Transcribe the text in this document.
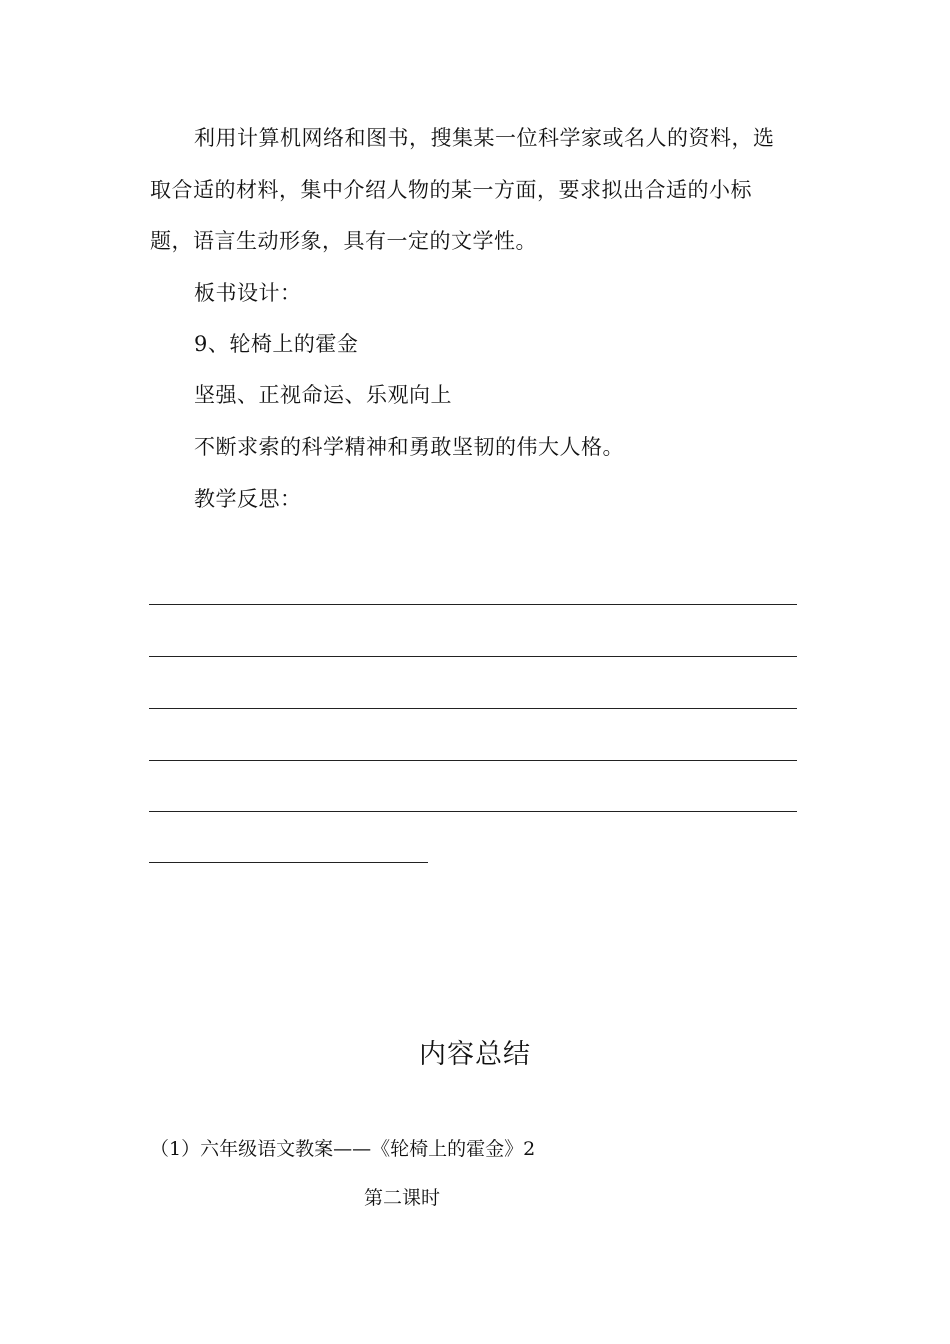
利用计算机网络和图书，搜集某一位科学家或名人的资料，选
取合适的材料，集中介绍人物的某一方面，要求拟出合适的小标
题，语言生动形象，具有一定的文学性。
板书设计：
9、轮椅上的霍金
坚强、正视命运、乐观向上
不断求索的科学精神和勇敢坚韧的伟大人格。
教学反思：
内容总结
（1）六年级语文教案——《轮椅上的霍金》2
第二课时
